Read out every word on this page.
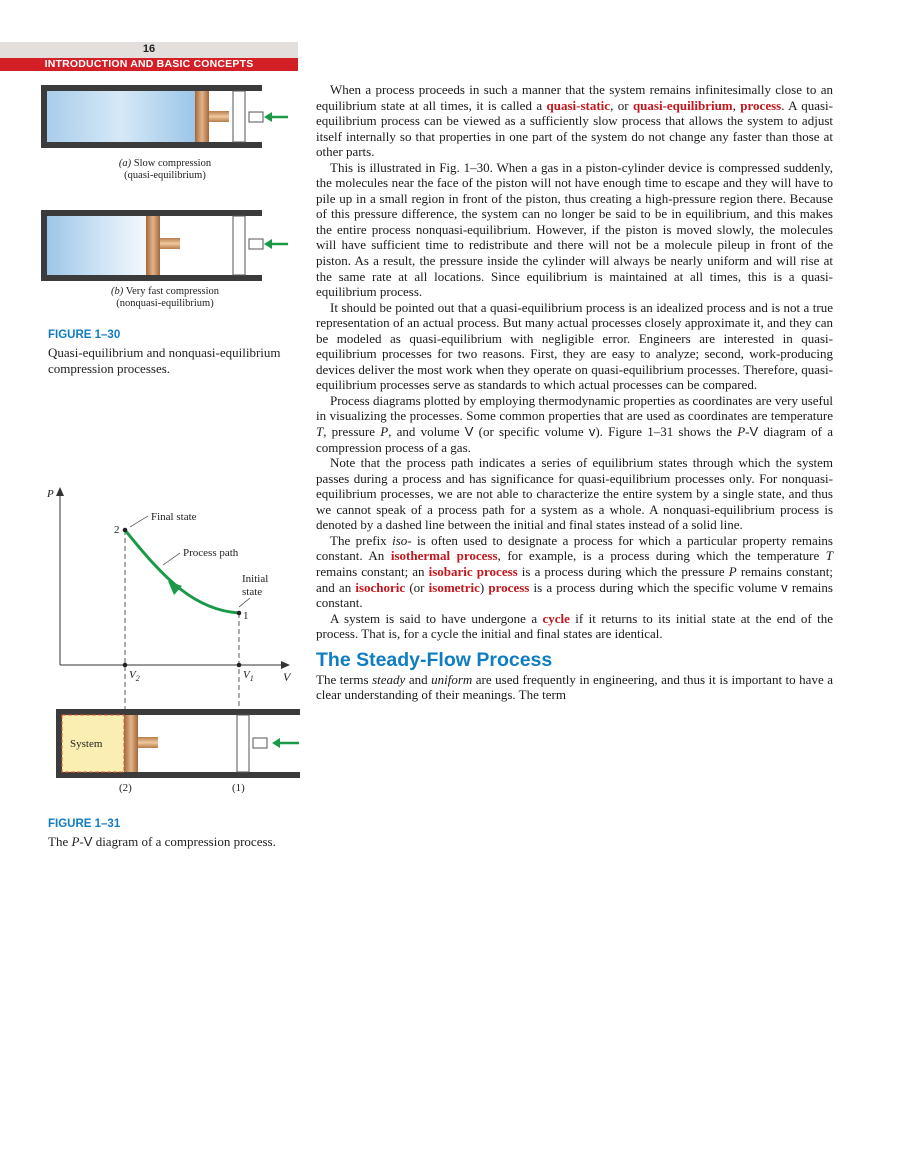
16
INTRODUCTION AND BASIC CONCEPTS
(a) Slow compression
(quasi-equilibrium)
(b) Very fast compression
(nonquasi-equilibrium)
FIGURE 1–30
Quasi-equilibrium and nonquasi-equilibrium compression processes.
P
V
2
1
Final state
Process path
Initial
state
$V_2$	$V_1$
System
(2)	(1)
FIGURE 1–31
The P-V diagram of a compression process.

When a process proceeds in such a manner that the system remains infinitesimally close to an equilibrium state at all times, it is called a quasi-static, or quasi-equilibrium, process. A quasi-equilibrium process can be viewed as a sufficiently slow process that allows the system to adjust itself internally so that properties in one part of the system do not change any faster than those at other parts.

This is illustrated in Fig. 1–30. When a gas in a piston-cylinder device is compressed suddenly, the molecules near the face of the piston will not have enough time to escape and they will have to pile up in a small region in front of the piston, thus creating a high-pressure region there. Because of this pressure difference, the system can no longer be said to be in equilibrium, and this makes the entire process nonquasi-equilibrium. However, if the piston is moved slowly, the molecules will have sufficient time to redistribute and there will not be a molecule pileup in front of the piston. As a result, the pressure inside the cylinder will always be nearly uniform and will rise at the same rate at all locations. Since equilibrium is maintained at all times, this is a quasi-equilibrium process.

It should be pointed out that a quasi-equilibrium process is an idealized process and is not a true representation of an actual process. But many actual processes closely approximate it, and they can be modeled as quasi-equilibrium with negligible error. Engineers are interested in quasi-equilibrium processes for two reasons. First, they are easy to analyze; second, work-producing devices deliver the most work when they operate on quasi-equilibrium processes. Therefore, quasi-equilibrium processes serve as standards to which actual processes can be compared.

Process diagrams plotted by employing thermodynamic properties as coordinates are very useful in visualizing the processes. Some common properties that are used as coordinates are temperature T, pressure P, and volume V (or specific volume v). Figure 1–31 shows the P-V diagram of a compression process of a gas.

Note that the process path indicates a series of equilibrium states through which the system passes during a process and has significance for quasi-equilibrium processes only. For nonquasi-equilibrium processes, we are not able to characterize the entire system by a single state, and thus we cannot speak of a process path for a system as a whole. A nonquasi-equilibrium process is denoted by a dashed line between the initial and final states instead of a solid line.

The prefix iso- is often used to designate a process for which a particular property remains constant. An isothermal process, for example, is a process during which the temperature T remains constant; an isobaric process is a process during which the pressure P remains constant; and an isochoric (or isometric) process is a process during which the specific volume v remains constant.

A system is said to have undergone a cycle if it returns to its initial state at the end of the process. That is, for a cycle the initial and final states are identical.

The Steady-Flow Process

The terms steady and uniform are used frequently in engineering, and thus it is important to have a clear understanding of their meanings. The term
